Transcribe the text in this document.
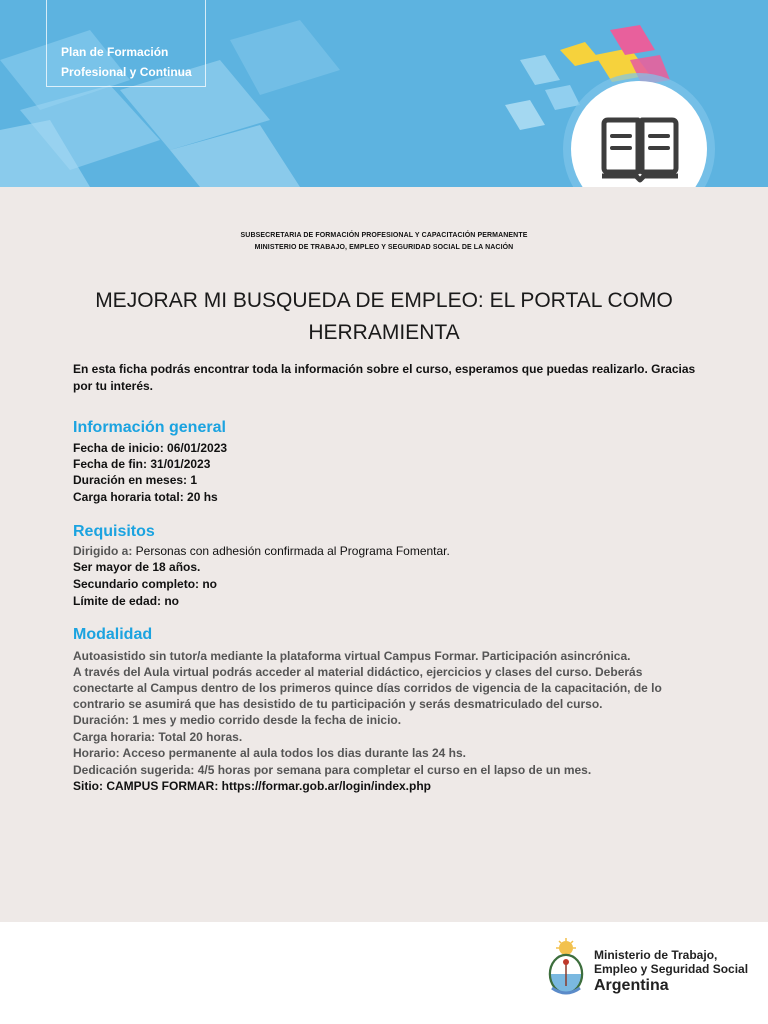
Plan de Formación
Profesional y Continua
SUBSECRETARIA DE FORMACIÓN PROFESIONAL Y CAPACITACIÓN PERMANENTE
MINISTERIO DE TRABAJO, EMPLEO Y SEGURIDAD SOCIAL DE LA NACIÓN
MEJORAR MI BUSQUEDA DE EMPLEO: EL PORTAL COMO
HERRAMIENTA
En esta ficha podrás encontrar toda la información sobre el curso, esperamos que puedas realizarlo. Gracias
por tu interés.
Información general
Fecha de inicio: 06/01/2023
Fecha de fin: 31/01/2023
Duración en meses: 1
Carga horaria total: 20 hs
Requisitos
Dirigido a: Personas con adhesión confirmada al Programa Fomentar.
Ser mayor de 18 años.
Secundario completo: no
Límite de edad: no
Modalidad
Autoasistido sin tutor/a mediante la plataforma virtual Campus Formar. Participación asincrónica.
A través del Aula virtual podrás acceder al material didáctico, ejercicios y clases del curso. Deberás
conectarte al Campus dentro de los primeros quince días corridos de vigencia de la capacitación, de lo
contrario se asumirá que has desistido de tu participación y serás desmatriculado del curso.
Duración: 1 mes y medio corrido desde la fecha de inicio.
Carga horaria: Total 20 horas.
Horario: Acceso permanente al aula todos los dias durante las 24 hs.
Dedicación sugerida: 4/5 horas por semana para completar el curso en el lapso de un mes.
Sitio: CAMPUS FORMAR: https://formar.gob.ar/login/index.php
Ministerio de Trabajo,
Empleo y Seguridad Social
Argentina
